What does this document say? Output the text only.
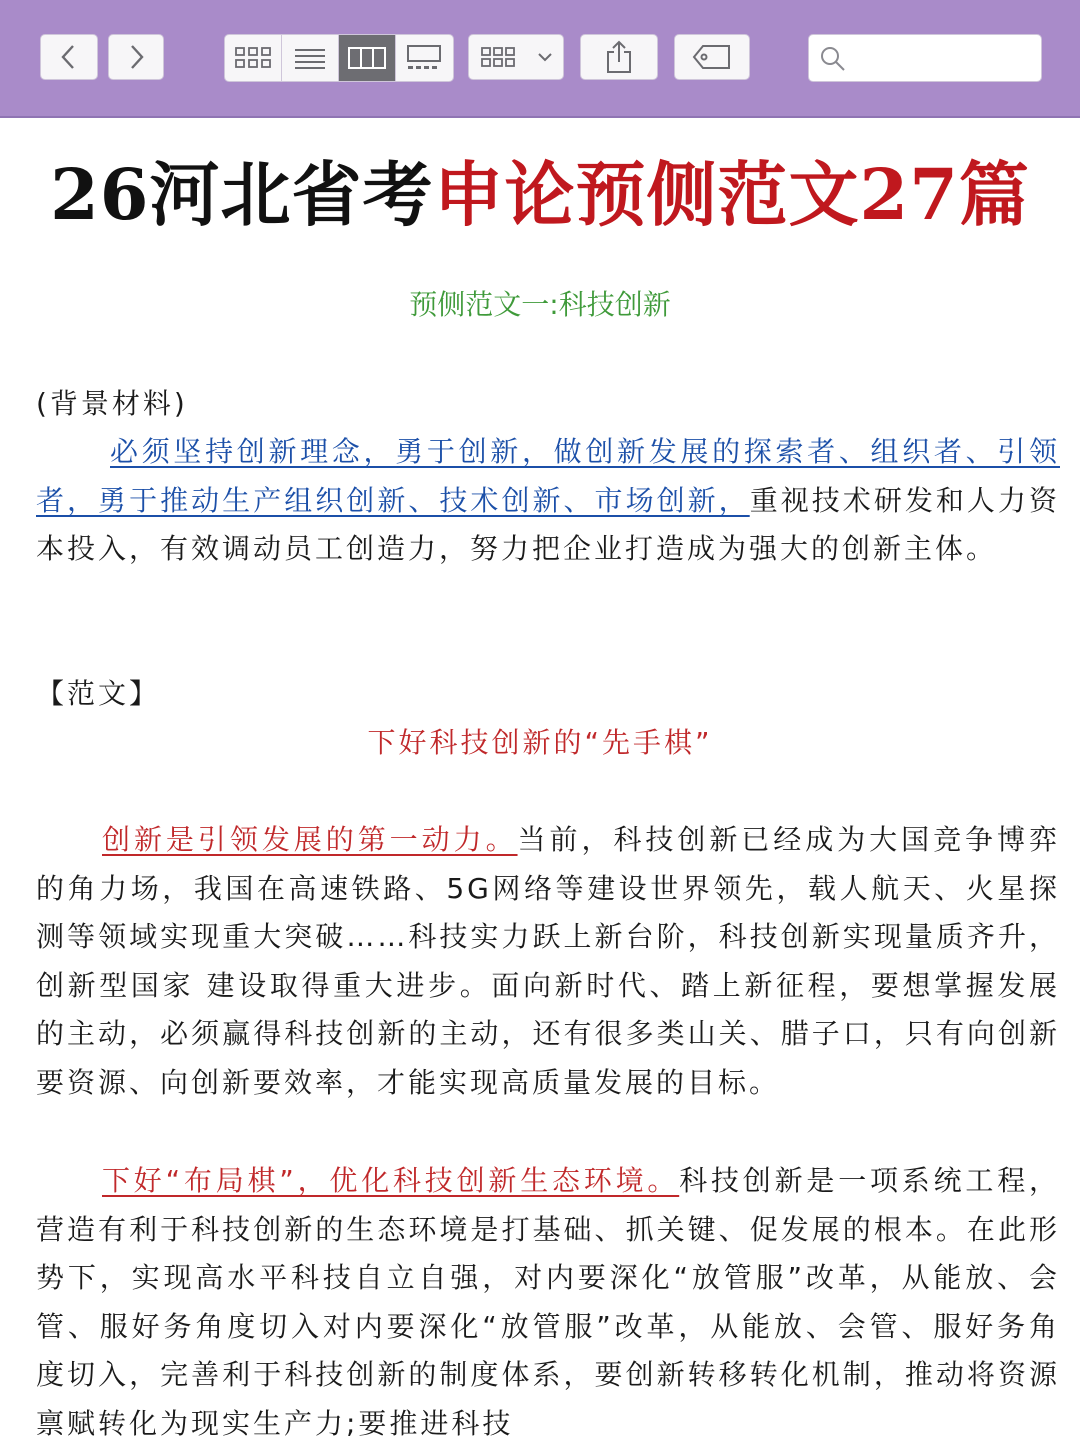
26河北省考申论预侧范文27篇
预侧范文一:科技创新
(背景材料)
必须坚持创新理念，勇于创新，做创新发展的探索者、组织者、引领者，勇于推动生产组织创新、技术创新、市场创新，重视技术研发和人力资本投入，有效调动员工创造力，努力把企业打造成为强大的创新主体。
【范文】
下好科技创新的“先手棋”
创新是引领发展的第一动力。当前，科技创新已经成为大国竞争博弈的角力场，我国在高速铁路、5G网络等建设世界领先，载人航天、火星探测等领域实现重大突破……科技实力跃上新台阶，科技创新实现量质齐升，创新型国家 建设取得重大进步。面向新时代、踏上新征程，要想掌握发展的主动，必须赢得科技创新的主动，还有很多类山关、腊子口，只有向创新要资源、向创新要效率，才能实现高质量发展的目标。
下好“布局棋”，优化科技创新生态环境。科技创新是一项系统工程，营造有利于科技创新的生态环境是打基础、抓关键、促发展的根本。在此形势下，实现高水平科技自立自强，对内要深化“放管服”改革，从能放、会管、服好务角度切入对内要深化“放管服”改革，从能放、会管、服好务角度切入，完善利于科技创新的制度体系，要创新转移转化机制，推动将资源禀赋转化为现实生产力;要推进科技
